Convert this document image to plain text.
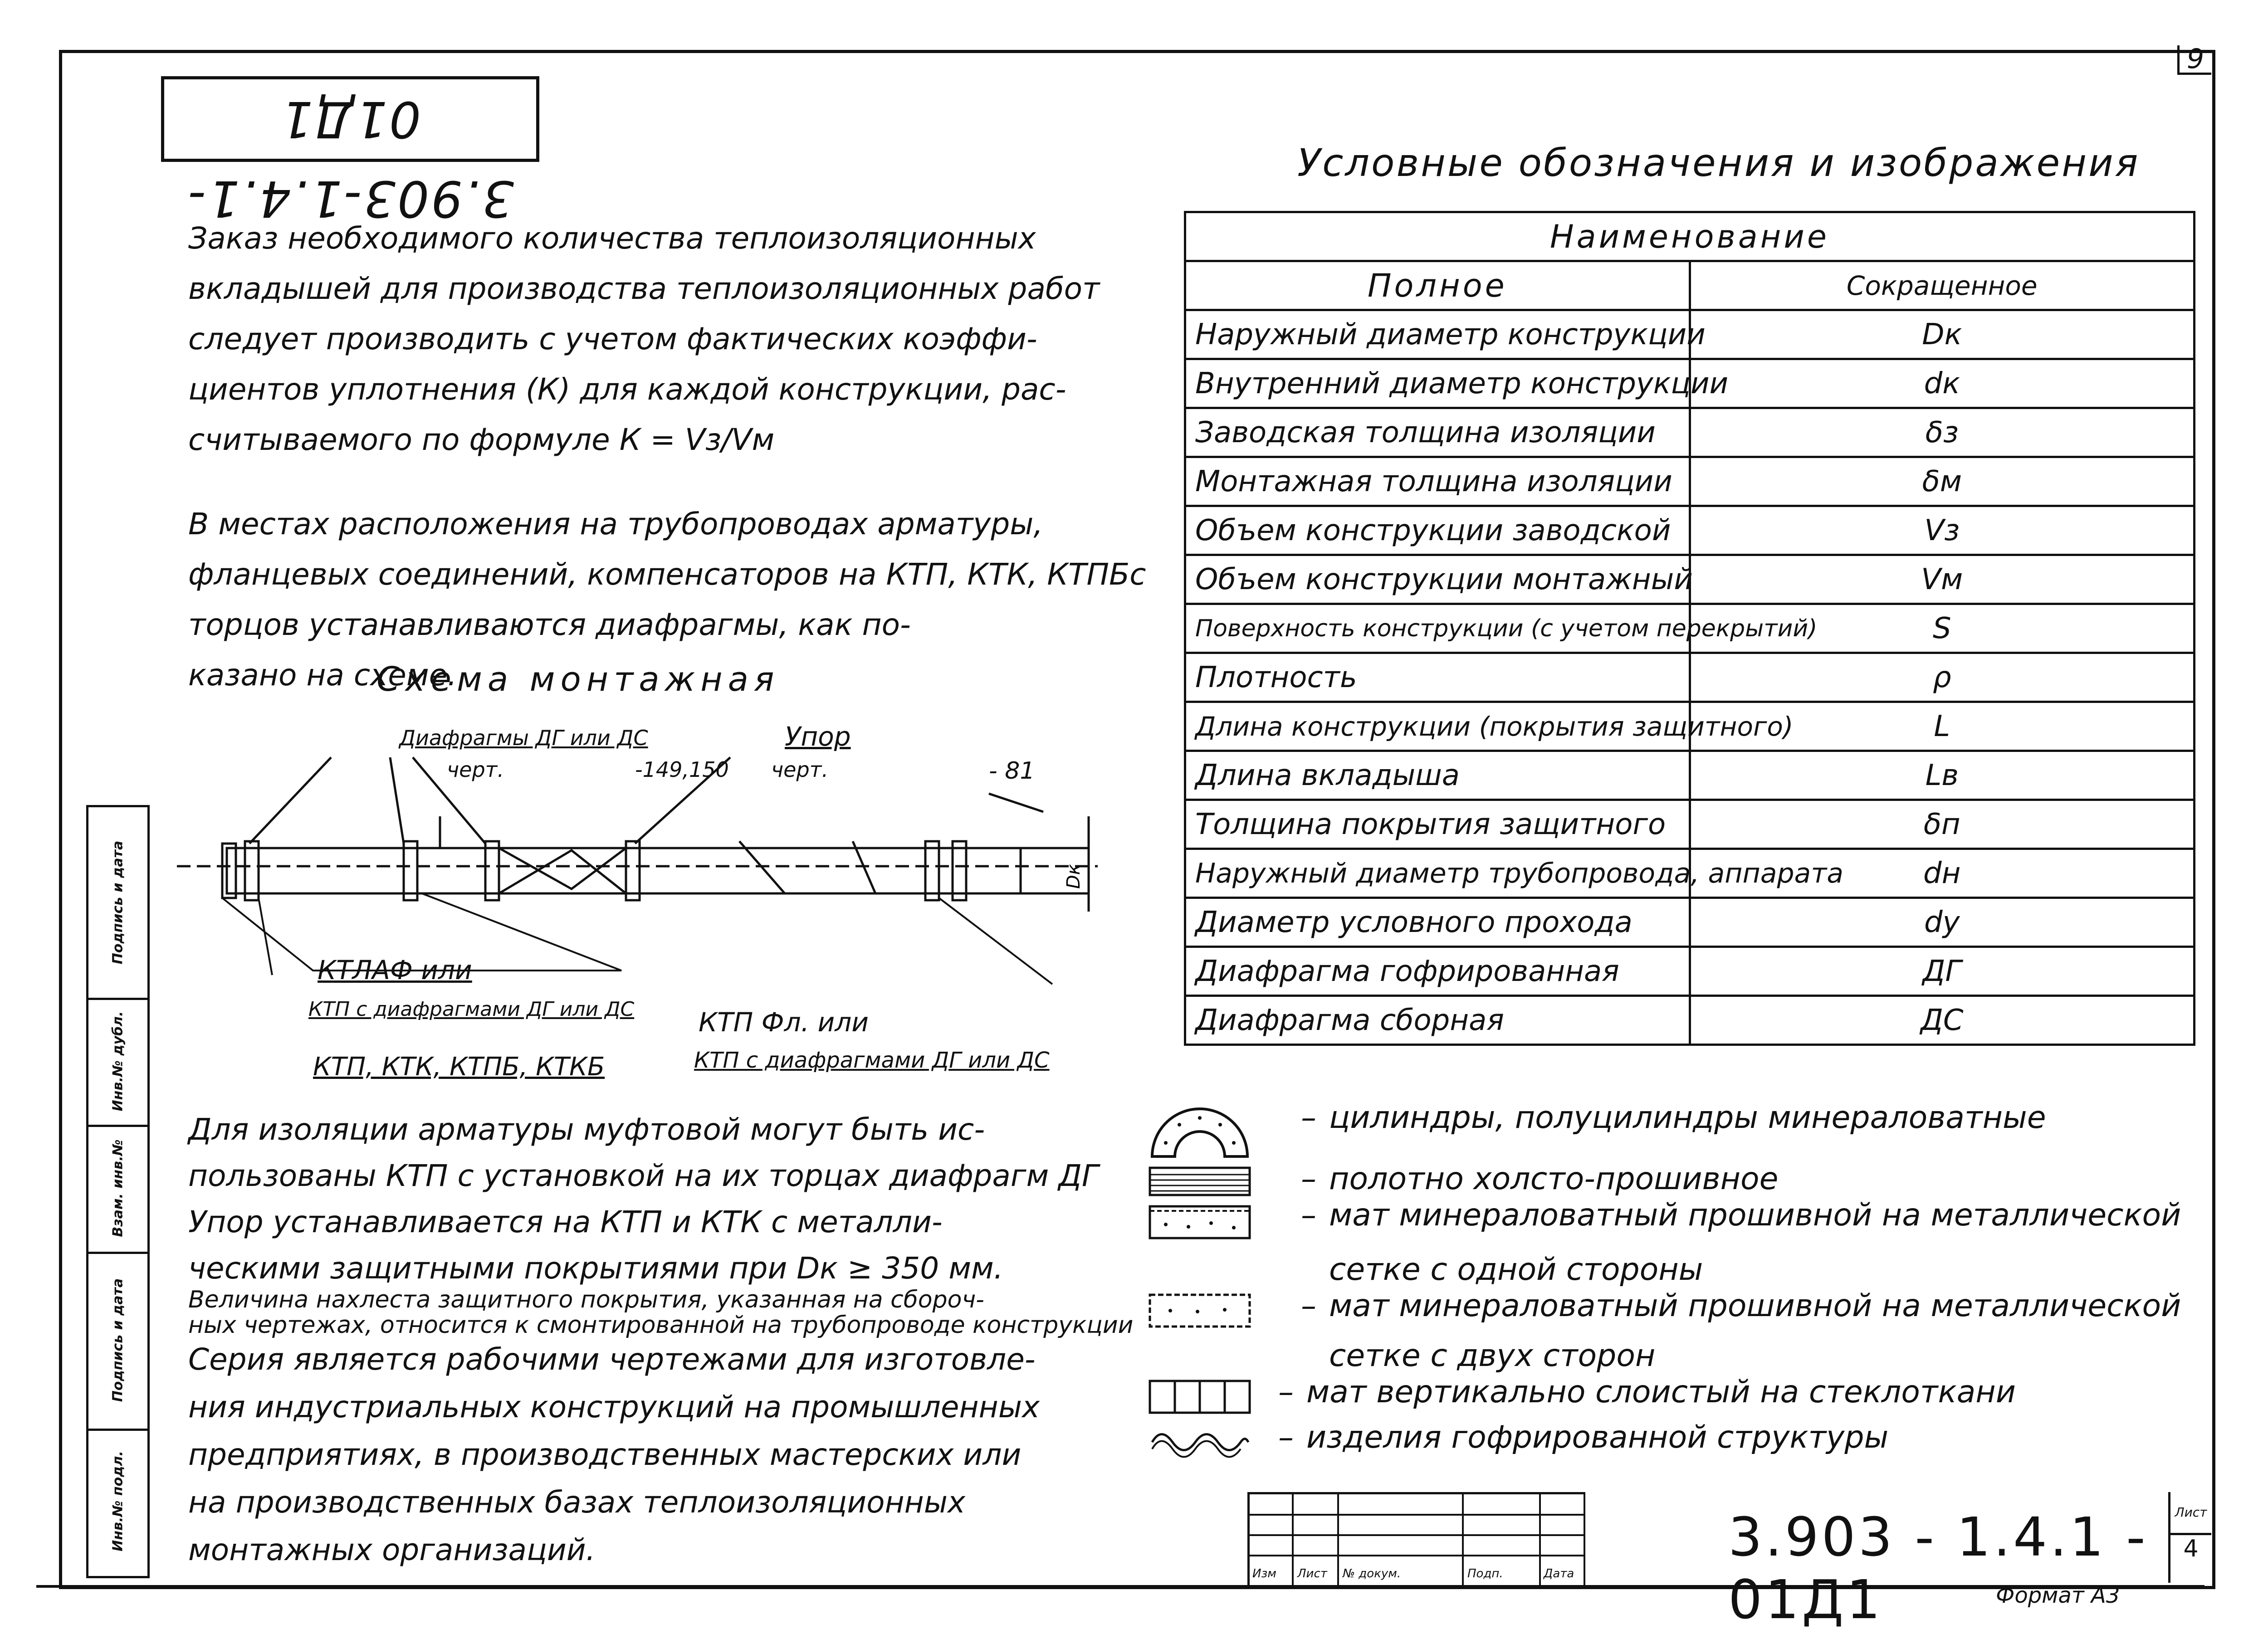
9
3.903-1.4.1-01Д1
Заказ необходимого количества теплоизоляционных
вкладышей для производства теплоизоляционных работ
следует производить с учетом фактических коэффи-
циентов уплотнения (К) для каждой конструкции, рас-
считываемого по формуле К = Vз/Vм
В местах расположения на трубопроводах арматуры,
фланцевых соединений, компенсаторов на КТП, КТК, КТПБс
торцов устанавливаются диафрагмы, как по-
казано на схеме.
Схема монтажная
Диафрагмы ДГ или ДС
черт.	-149,150
Упор
черт.	- 81
Dк
КТЛАФ или
КТП с диафрагмами ДГ или ДС
КТП, КТК, КТПБ, КТКБ
КТП Фл. или
КТП с диафрагмами ДГ или ДС
Для изоляции арматуры муфтовой могут быть ис-
пользованы КТП с установкой на их торцах диафрагм ДГ
Упор устанавливается на КТП и КТК с металли-
ческими защитными покрытиями при Dк ≥ 350 мм.
Величина нахлеста защитного покрытия, указанная на сбороч-
ных чертежах, относится к смонтированной на трубопроводе конструкции
Серия является рабочими чертежами для изготовле-
ния индустриальных конструкций на промышленных
предприятиях, в производственных мастерских или
на производственных базах теплоизоляционных
монтажных организаций.
Условные обозначения и изображения
Наименование	
Полное	Сокращенное
Наружный диаметр конструкции	Dк
Внутренний диаметр конструкции	dк
Заводская толщина изоляции	δз
Монтажная толщина изоляции	δм
Объем конструкции заводской	Vз
Объем конструкции монтажный	Vм
Поверхность конструкции (с учетом перекрытий)	S
Плотность	ρ
Длина конструкции (покрытия защитного)	L
Длина вкладыша	Lв
Толщина покрытия защитного	δп
Наружный диаметр трубопровода, аппарата	dн
Диаметр условного прохода	dу
Диафрагма гофрированная	ДГ
Диафрагма сборная	ДС
– цилиндры, полуцилиндры минераловатные
– полотно холсто-прошивное
– мат минераловатный прошивной на металлической
сетке с одной стороны
– мат минераловатный прошивной на металлической
сетке с двух сторон
– мат вертикально слоистый на стеклоткани
– изделия гофрированной структуры
Подпись и дата
Инв.№ дубл.
Взам. инв.№
Подпись и дата
Инв.№ подл.
Изм Лист № докум.	Подп.	Дата
3.903 - 1.4.1 - 01Д1
Лист
4
Формат А3
